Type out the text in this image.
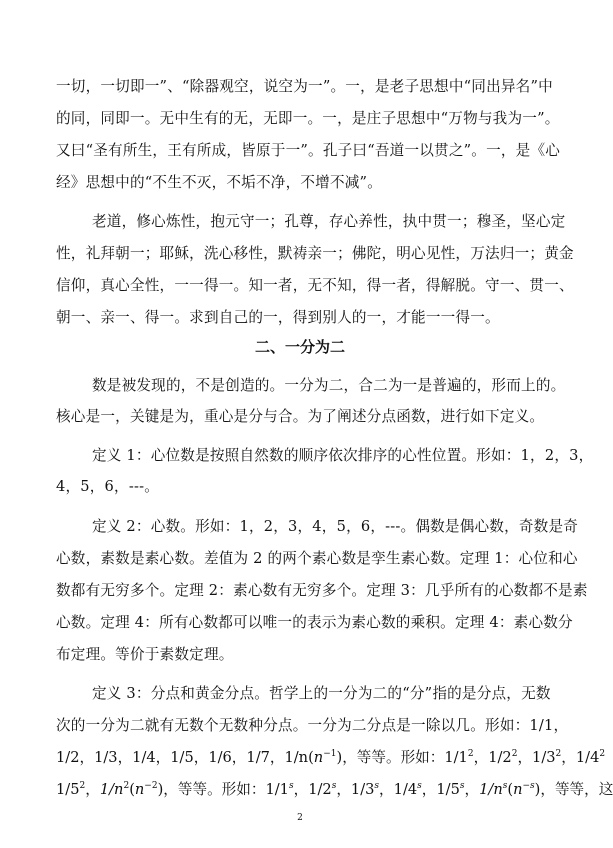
一切，一切即一”、“除器观空，说空为一”。一，是老子思想中“同出异名”中
的同，同即一。无中生有的无，无即一。一，是庄子思想中“万物与我为一”。
又曰“圣有所生，王有所成，皆原于一”。孔子曰“吾道一以贯之”。一，是《心
经》思想中的“不生不灭，不垢不净，不增不减”。
老道，修心炼性，抱元守一；孔尊，存心养性，执中贯一；穆圣，坚心定
性，礼拜朝一；耶稣，洗心移性，默祷亲一；佛陀，明心见性，万法归一；黄金
信仰，真心全性，一一得一。知一者，无不知，得一者，得解脱。守一、贯一、
朝一、亲一、得一。求到自己的一，得到别人的一，才能一一得一。
二、一分为二
数是被发现的，不是创造的。一分为二，合二为一是普遍的，形而上的。
核心是一，关键是为，重心是分与合。为了阐述分点函数，进行如下定义。
定义 1：心位数是按照自然数的顺序依次排序的心性位置。形如：1，2，3，
4，5，6，---。
定义 2：心数。形如：1，2，3，4，5，6，---。偶数是偶心数，奇数是奇
心数，素数是素心数。差值为 2 的两个素心数是孪生素心数。定理 1：心位和心
数都有无穷多个。定理 2：素心数有无穷多个。定理 3：几乎所有的心数都不是素
心数。定理 4：所有心数都可以唯一的表示为素心数的乘积。定理 4：素心数分
布定理。等价于素数定理。
定义 3：分点和黄金分点。哲学上的一分为二的“分”指的是分点，无数
次的一分为二就有无数个无数种分点。一分为二分点是一除以几。形如：1/1，
1/2，1/3，1/4，1/5，1/6，1/7，$1/n(n^{-1})$，等等。形如：$1/1^2$，$1/2^2$，$1/3^2$，$1/4^2$
$1/5^2$，$1/n^2(n^{-2})$，等等。形如：1/1$^s$，1/2$^s$，1/3$^s$，1/4$^s$，1/5$^s$，$1/n^s(n^{-s})$，等等，这
2
